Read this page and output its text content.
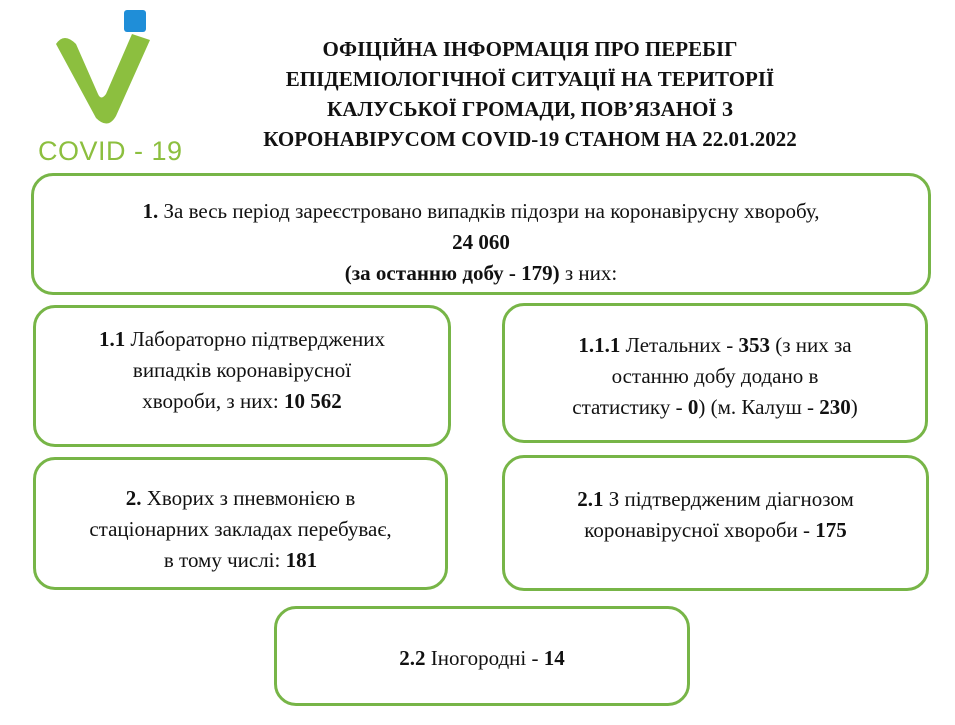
COVID - 19
ОФІЦІЙНА ІНФОРМАЦІЯ ПРО ПЕРЕБІГ
ЕПІДЕМІОЛОГІЧНОЇ СИТУАЦІЇ НА ТЕРИТОРІЇ
КАЛУСЬКОЇ ГРОМАДИ, ПОВ’ЯЗАНОЇ З
КОРОНАВІРУСОМ COVID-19 СТАНОМ НА 22.01.2022
1. За весь період зареєстровано випадків підозри на коронавірусну хворобу,
24 060
(за останню добу - 179) з них:
1.1 Лабораторно підтверджених
випадків коронавірусної
хвороби, з них: 10 562
1.1.1 Летальних - 353 (з них за
останню добу додано в
статистику - 0) (м. Калуш - 230)
2. Хворих з пневмонією в
стаціонарних закладах перебуває,
в тому числі: 181
2.1 З підтвердженим діагнозом
коронавірусної хвороби - 175
2.2 Іногородні - 14
